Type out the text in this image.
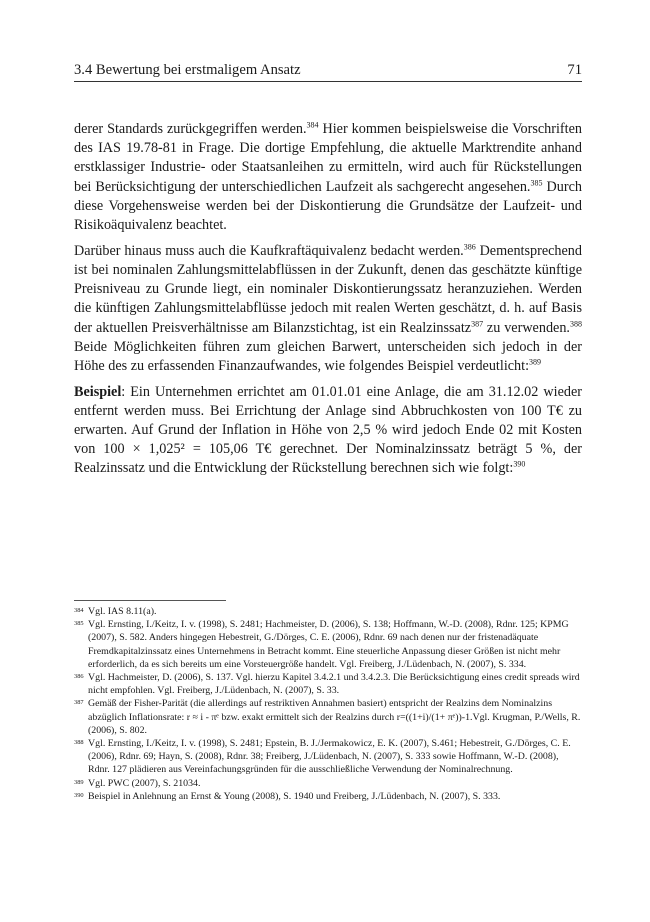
3.4 Bewertung bei erstmaligem Ansatz	71

derer Standards zurückgegriffen werden.$^{384}$ Hier kommen beispielsweise die Vorschriften des IAS 19.78-81 in Frage. Die dortige Empfehlung, die aktuelle Marktrendite anhand erstklassiger Industrie- oder Staatsanleihen zu ermitteln, wird auch für Rückstellungen bei Berücksichtigung der unterschiedlichen Laufzeit als sachgerecht angesehen.$^{385}$ Durch diese Vorgehensweise werden bei der Diskontierung die Grundsätze der Laufzeit- und Risikoäquivalenz beachtet.

Darüber hinaus muss auch die Kaufkraftäquivalenz bedacht werden.$^{386}$ Dementsprechend ist bei nominalen Zahlungsmittelabflüssen in der Zukunft, denen das geschätzte künftige Preisniveau zu Grunde liegt, ein nominaler Diskontierungssatz heranzuziehen. Werden die künftigen Zahlungsmittelabflüsse jedoch mit realen Werten geschätzt, d. h. auf Basis der aktuellen Preisverhältnisse am Bilanzstichtag, ist ein Realzinssatz$^{387}$ zu verwenden.$^{388}$ Beide Möglichkeiten führen zum gleichen Barwert, unterscheiden sich jedoch in der Höhe des zu erfassenden Finanzaufwandes, wie folgendes Beispiel verdeutlicht:$^{389}$

Beispiel: Ein Unternehmen errichtet am 01.01.01 eine Anlage, die am 31.12.02 wieder entfernt werden muss. Bei Errichtung der Anlage sind Abbruchkosten von 100 T€ zu erwarten. Auf Grund der Inflation in Höhe von 2,5 % wird jedoch Ende 02 mit Kosten von 100 × 1,025² = 105,06 T€ gerechnet. Der Nominalzinssatz beträgt 5 %, der Realzinssatz und die Entwicklung der Rückstellung berechnen sich wie folgt:$^{390}$

384 Vgl. IAS 8.11(a).
385 Vgl. Ernsting, I./Keitz, I. v. (1998), S. 2481; Hachmeister, D. (2006), S. 138; Hoffmann, W.-D. (2008), Rdnr. 125; KPMG (2007), S. 582. Anders hingegen Hebestreit, G./Dörges, C. E. (2006), Rdnr. 69 nach denen nur der fristenadäquate Fremdkapitalzinssatz eines Unternehmens in Betracht kommt. Eine steuerliche Anpassung dieser Größen ist nicht mehr erforderlich, da es sich bereits um eine Vorsteuergröße handelt. Vgl. Freiberg, J./Lüdenbach, N. (2007), S. 334.
386 Vgl. Hachmeister, D. (2006), S. 137. Vgl. hierzu Kapitel 3.4.2.1 und 3.4.2.3. Die Berücksichtigung eines credit spreads wird nicht empfohlen. Vgl. Freiberg, J./Lüdenbach, N. (2007), S. 33.
387 Gemäß der Fisher-Parität (die allerdings auf restriktiven Annahmen basiert) entspricht der Realzins dem Nominalzins abzüglich Inflationsrate: r ≈ i - πᵉ bzw. exakt ermittelt sich der Realzins durch r=((1+i)/(1+ πᵉ))-1.Vgl. Krugman, P./Wells, R. (2006), S. 802.
388 Vgl. Ernsting, I./Keitz, I. v. (1998), S. 2481; Epstein, B. J./Jermakowicz, E. K. (2007), S.461; Hebestreit, G./Dörges, C. E. (2006), Rdnr. 69; Hayn, S. (2008), Rdnr. 38; Freiberg, J./Lüdenbach, N. (2007), S. 333 sowie Hoffmann, W.-D. (2008), Rdnr. 127 plädieren aus Vereinfachungsgründen für die ausschließliche Verwendung der Nominalrechnung.
389 Vgl. PWC (2007), S. 21034.
390 Beispiel in Anlehnung an Ernst & Young (2008), S. 1940 und Freiberg, J./Lüdenbach, N. (2007), S. 333.
